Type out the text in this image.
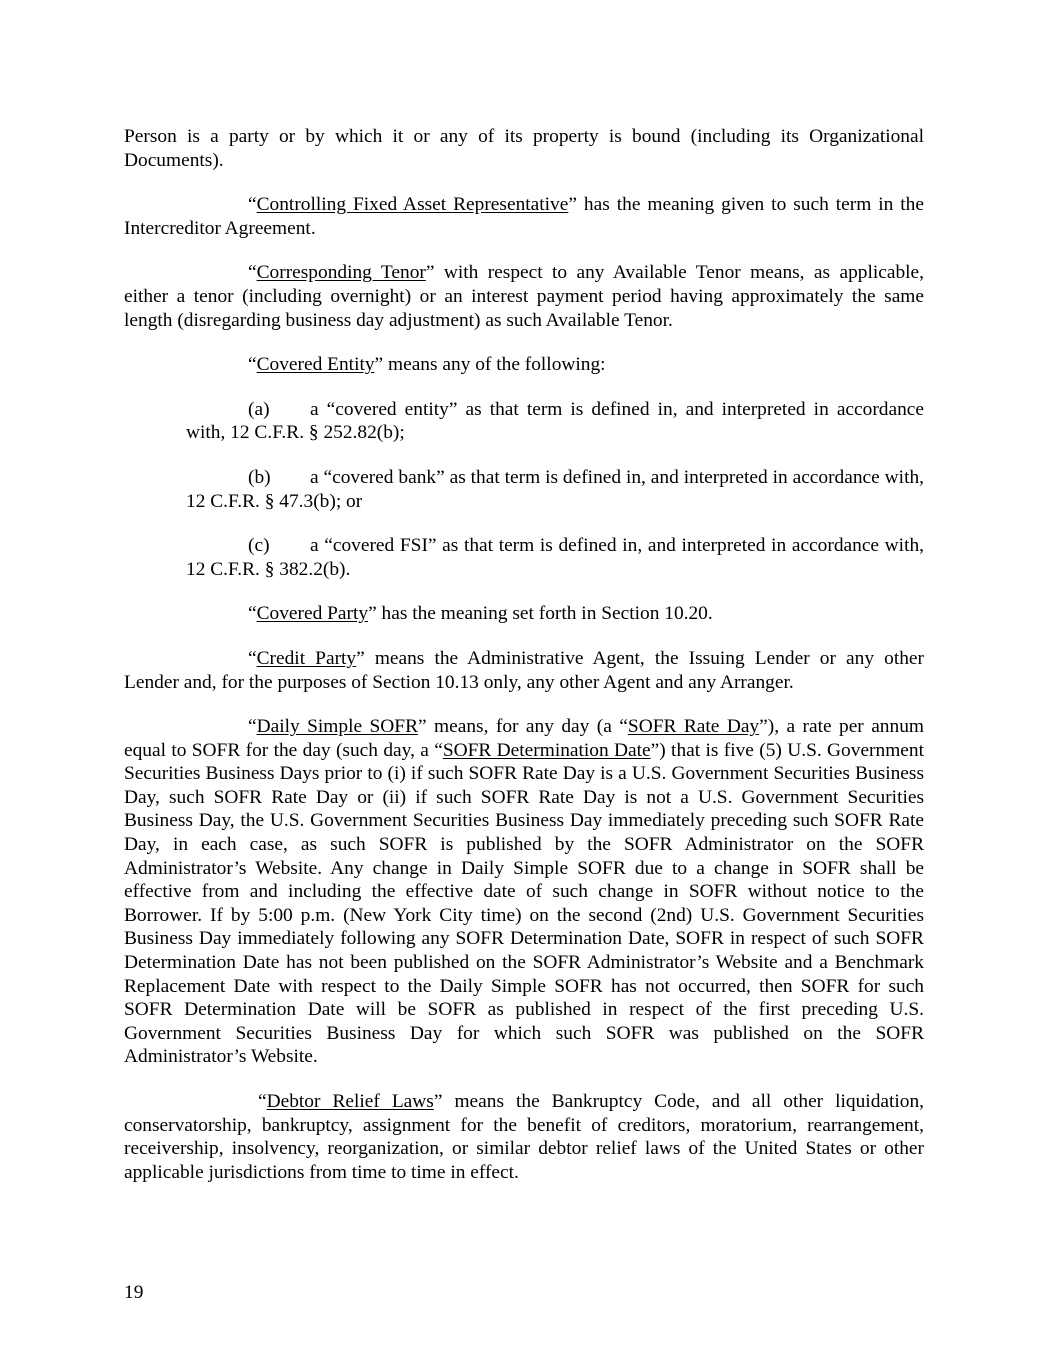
Person is a party or by which it or any of its property is bound (including its Organizational Documents).

“Controlling Fixed Asset Representative” has the meaning given to such term in the Intercreditor Agreement.

“Corresponding Tenor” with respect to any Available Tenor means, as applicable, either a tenor (including overnight) or an interest payment period having approximately the same length (disregarding business day adjustment) as such Available Tenor.

“Covered Entity” means any of the following:

(a) a “covered entity” as that term is defined in, and interpreted in accordance with, 12 C.F.R. § 252.82(b);

(b) a “covered bank” as that term is defined in, and interpreted in accordance with, 12 C.F.R. § 47.3(b); or

(c) a “covered FSI” as that term is defined in, and interpreted in accordance with, 12 C.F.R. § 382.2(b).

“Covered Party” has the meaning set forth in Section 10.20.

“Credit Party” means the Administrative Agent, the Issuing Lender or any other Lender and, for the purposes of Section 10.13 only, any other Agent and any Arranger.

“Daily Simple SOFR” means, for any day (a “SOFR Rate Day”), a rate per annum equal to SOFR for the day (such day, a “SOFR Determination Date”) that is five (5) U.S. Government Securities Business Days prior to (i) if such SOFR Rate Day is a U.S. Government Securities Business Day, such SOFR Rate Day or (ii) if such SOFR Rate Day is not a U.S. Government Securities Business Day, the U.S. Government Securities Business Day immediately preceding such SOFR Rate Day, in each case, as such SOFR is published by the SOFR Administrator on the SOFR Administrator’s Website. Any change in Daily Simple SOFR due to a change in SOFR shall be effective from and including the effective date of such change in SOFR without notice to the Borrower. If by 5:00 p.m. (New York City time) on the second (2nd) U.S. Government Securities Business Day immediately following any SOFR Determination Date, SOFR in respect of such SOFR Determination Date has not been published on the SOFR Administrator’s Website and a Benchmark Replacement Date with respect to the Daily Simple SOFR has not occurred, then SOFR for such SOFR Determination Date will be SOFR as published in respect of the first preceding U.S. Government Securities Business Day for which such SOFR was published on the SOFR Administrator’s Website.

“Debtor Relief Laws” means the Bankruptcy Code, and all other liquidation, conservatorship, bankruptcy, assignment for the benefit of creditors, moratorium, rearrangement, receivership, insolvency, reorganization, or similar debtor relief laws of the United States or other applicable jurisdictions from time to time in effect.

19
